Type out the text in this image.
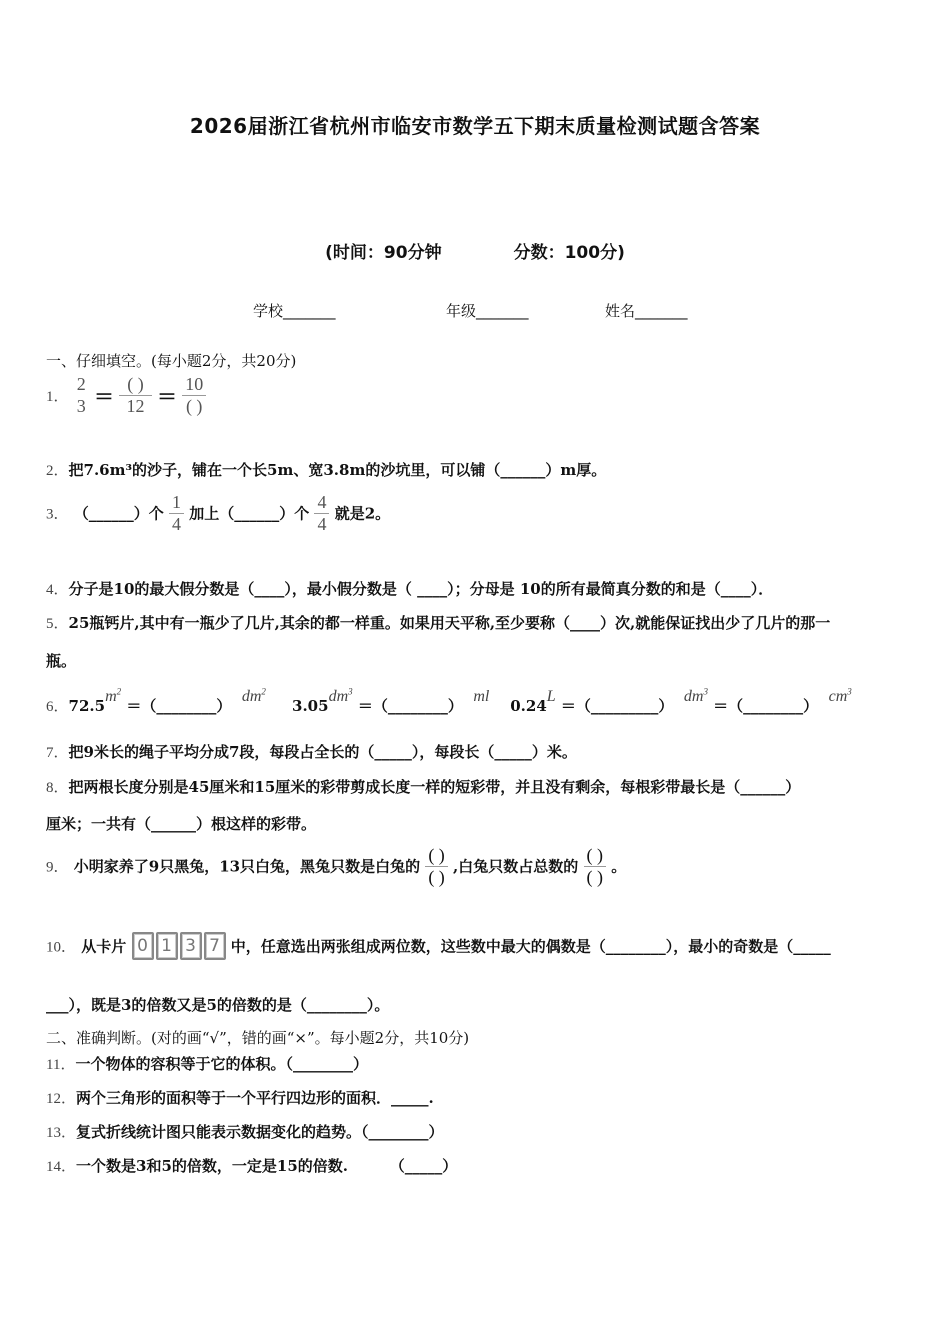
2026届浙江省杭州市临安市数学五下期末质量检测试题含答案
(时间：90分钟	分数：100分)
学校_______	年级_______	姓名_______
一、仔细填空。(每小题2分，共20分)
1． $\frac{2}{3} = \frac{( )}{12} = \frac{10}{( )}$
2．把7.6m³的沙子，铺在一个长5m、宽3.8m的沙坑里，可以铺（______）m厚。
3． （______）个 $\frac{1}{4}$ 加上（______）个 $\frac{4}{4}$ 就是2。
4．分子是10的最大假分数是（____），最小假分数是（ ____）；分母是 10的所有最简真分数的和是（____）．
5．25瓶钙片,其中有一瓶少了几片,其余的都一样重。如果用天平称,至少要称（____）次,就能保证找出少了几片的那一
瓶。
6．$72.5m^2$ ＝（________）  $dm^2$     $3.05dm^3$ ＝（________）  ml    0.24L ＝（_________）  $dm^3$ ＝（________）  $cm^3$
7．把9米长的绳子平均分成7段，每段占全长的（_____），每段长（_____）米。
8．把两根长度分别是45厘米和15厘米的彩带剪成长度一样的短彩带，并且没有剩余，每根彩带最长是（______）
厘米；一共有（______）根这样的彩带。
9． 小明家养了9只黑兔，13只白兔，黑兔只数是白兔的 $\frac{( )}{( )}$ ,白兔只数占总数的 $\frac{( )}{( )}$ 。
10． 从卡片 0 1 3 7 中，任意选出两张组成两位数，这些数中最大的偶数是（________），最小的奇数是（_____
___），既是3的倍数又是5的倍数的是（________）。
二、准确判断。(对的画“√”，错的画“×”。每小题2分，共10分)
11．一个物体的容积等于它的体积。（________）
12．两个三角形的面积等于一个平行四边形的面积．_____.
13．复式折线统计图只能表示数据变化的趋势。（________）
14．一个数是3和5的倍数，一定是15的倍数.        （_____）
